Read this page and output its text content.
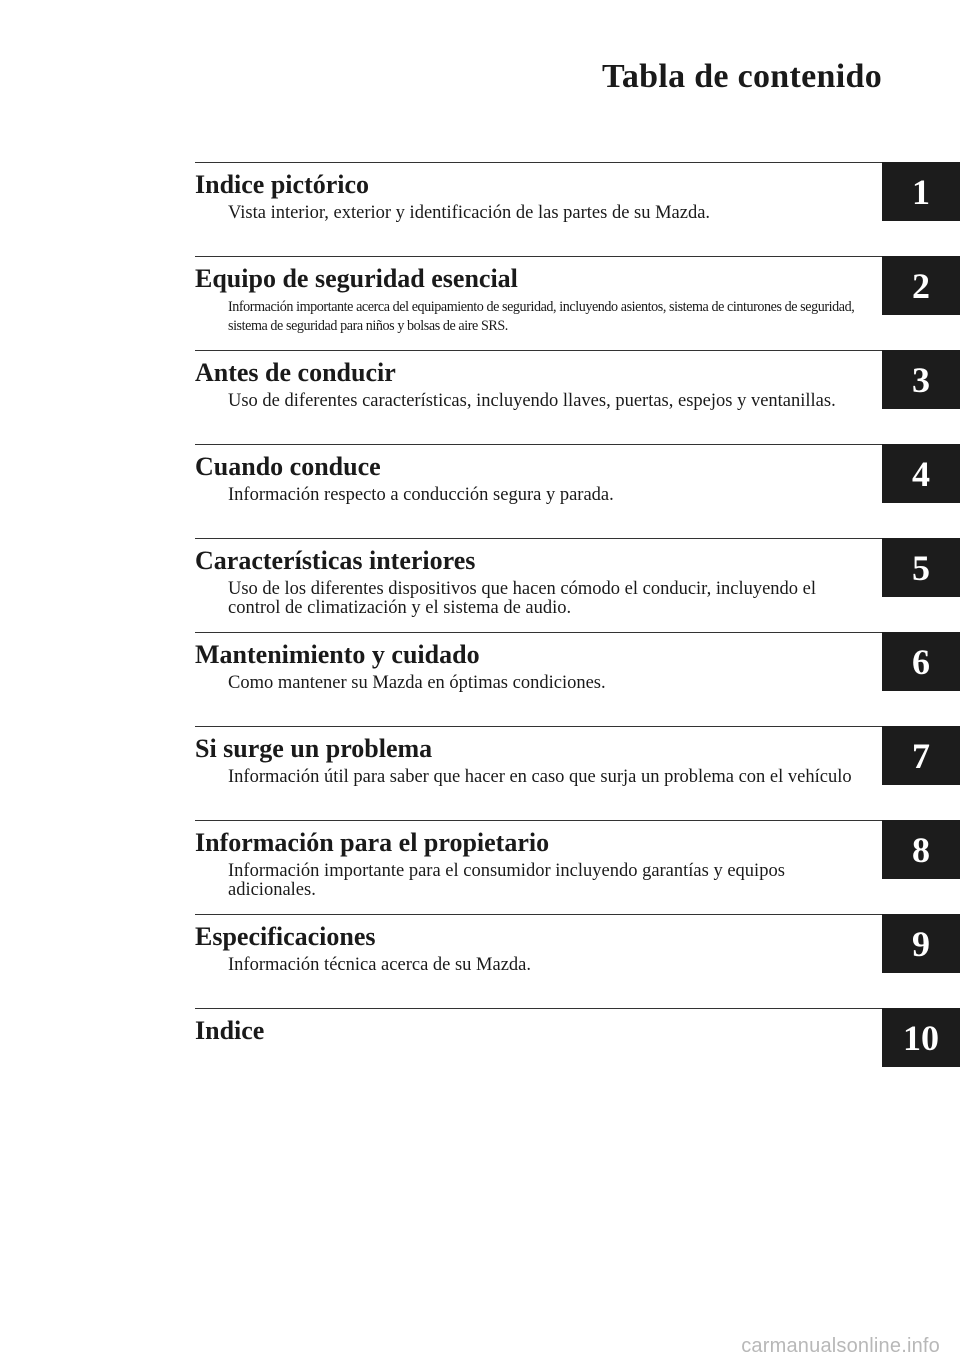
Tabla de contenido
Indice pictórico

Vista interior, exterior y identificación de las partes de su Mazda.

1
Equipo de seguridad esencial

Información importante acerca del equipamiento de seguridad, incluyendo asientos, sistema de cinturones de seguridad, sistema de seguridad para niños y bolsas de aire SRS.

2
Antes de conducir

Uso de diferentes características, incluyendo llaves, puertas, espejos y ventanillas.

3
Cuando conduce

Información respecto a conducción segura y parada.

4
Características interiores

Uso de los diferentes dispositivos que hacen cómodo el conducir, incluyendo el control de climatización y el sistema de audio.

5
Mantenimiento y cuidado

Como mantener su Mazda en óptimas condiciones.

6
Si surge un problema

Información útil para saber que hacer en caso que surja un problema con el vehículo

7
Información para el propietario

Información importante para el consumidor incluyendo garantías y equipos adicionales.

8
Especificaciones

Información técnica acerca de su Mazda.

9
Indice	10
carmanualsonline.info
